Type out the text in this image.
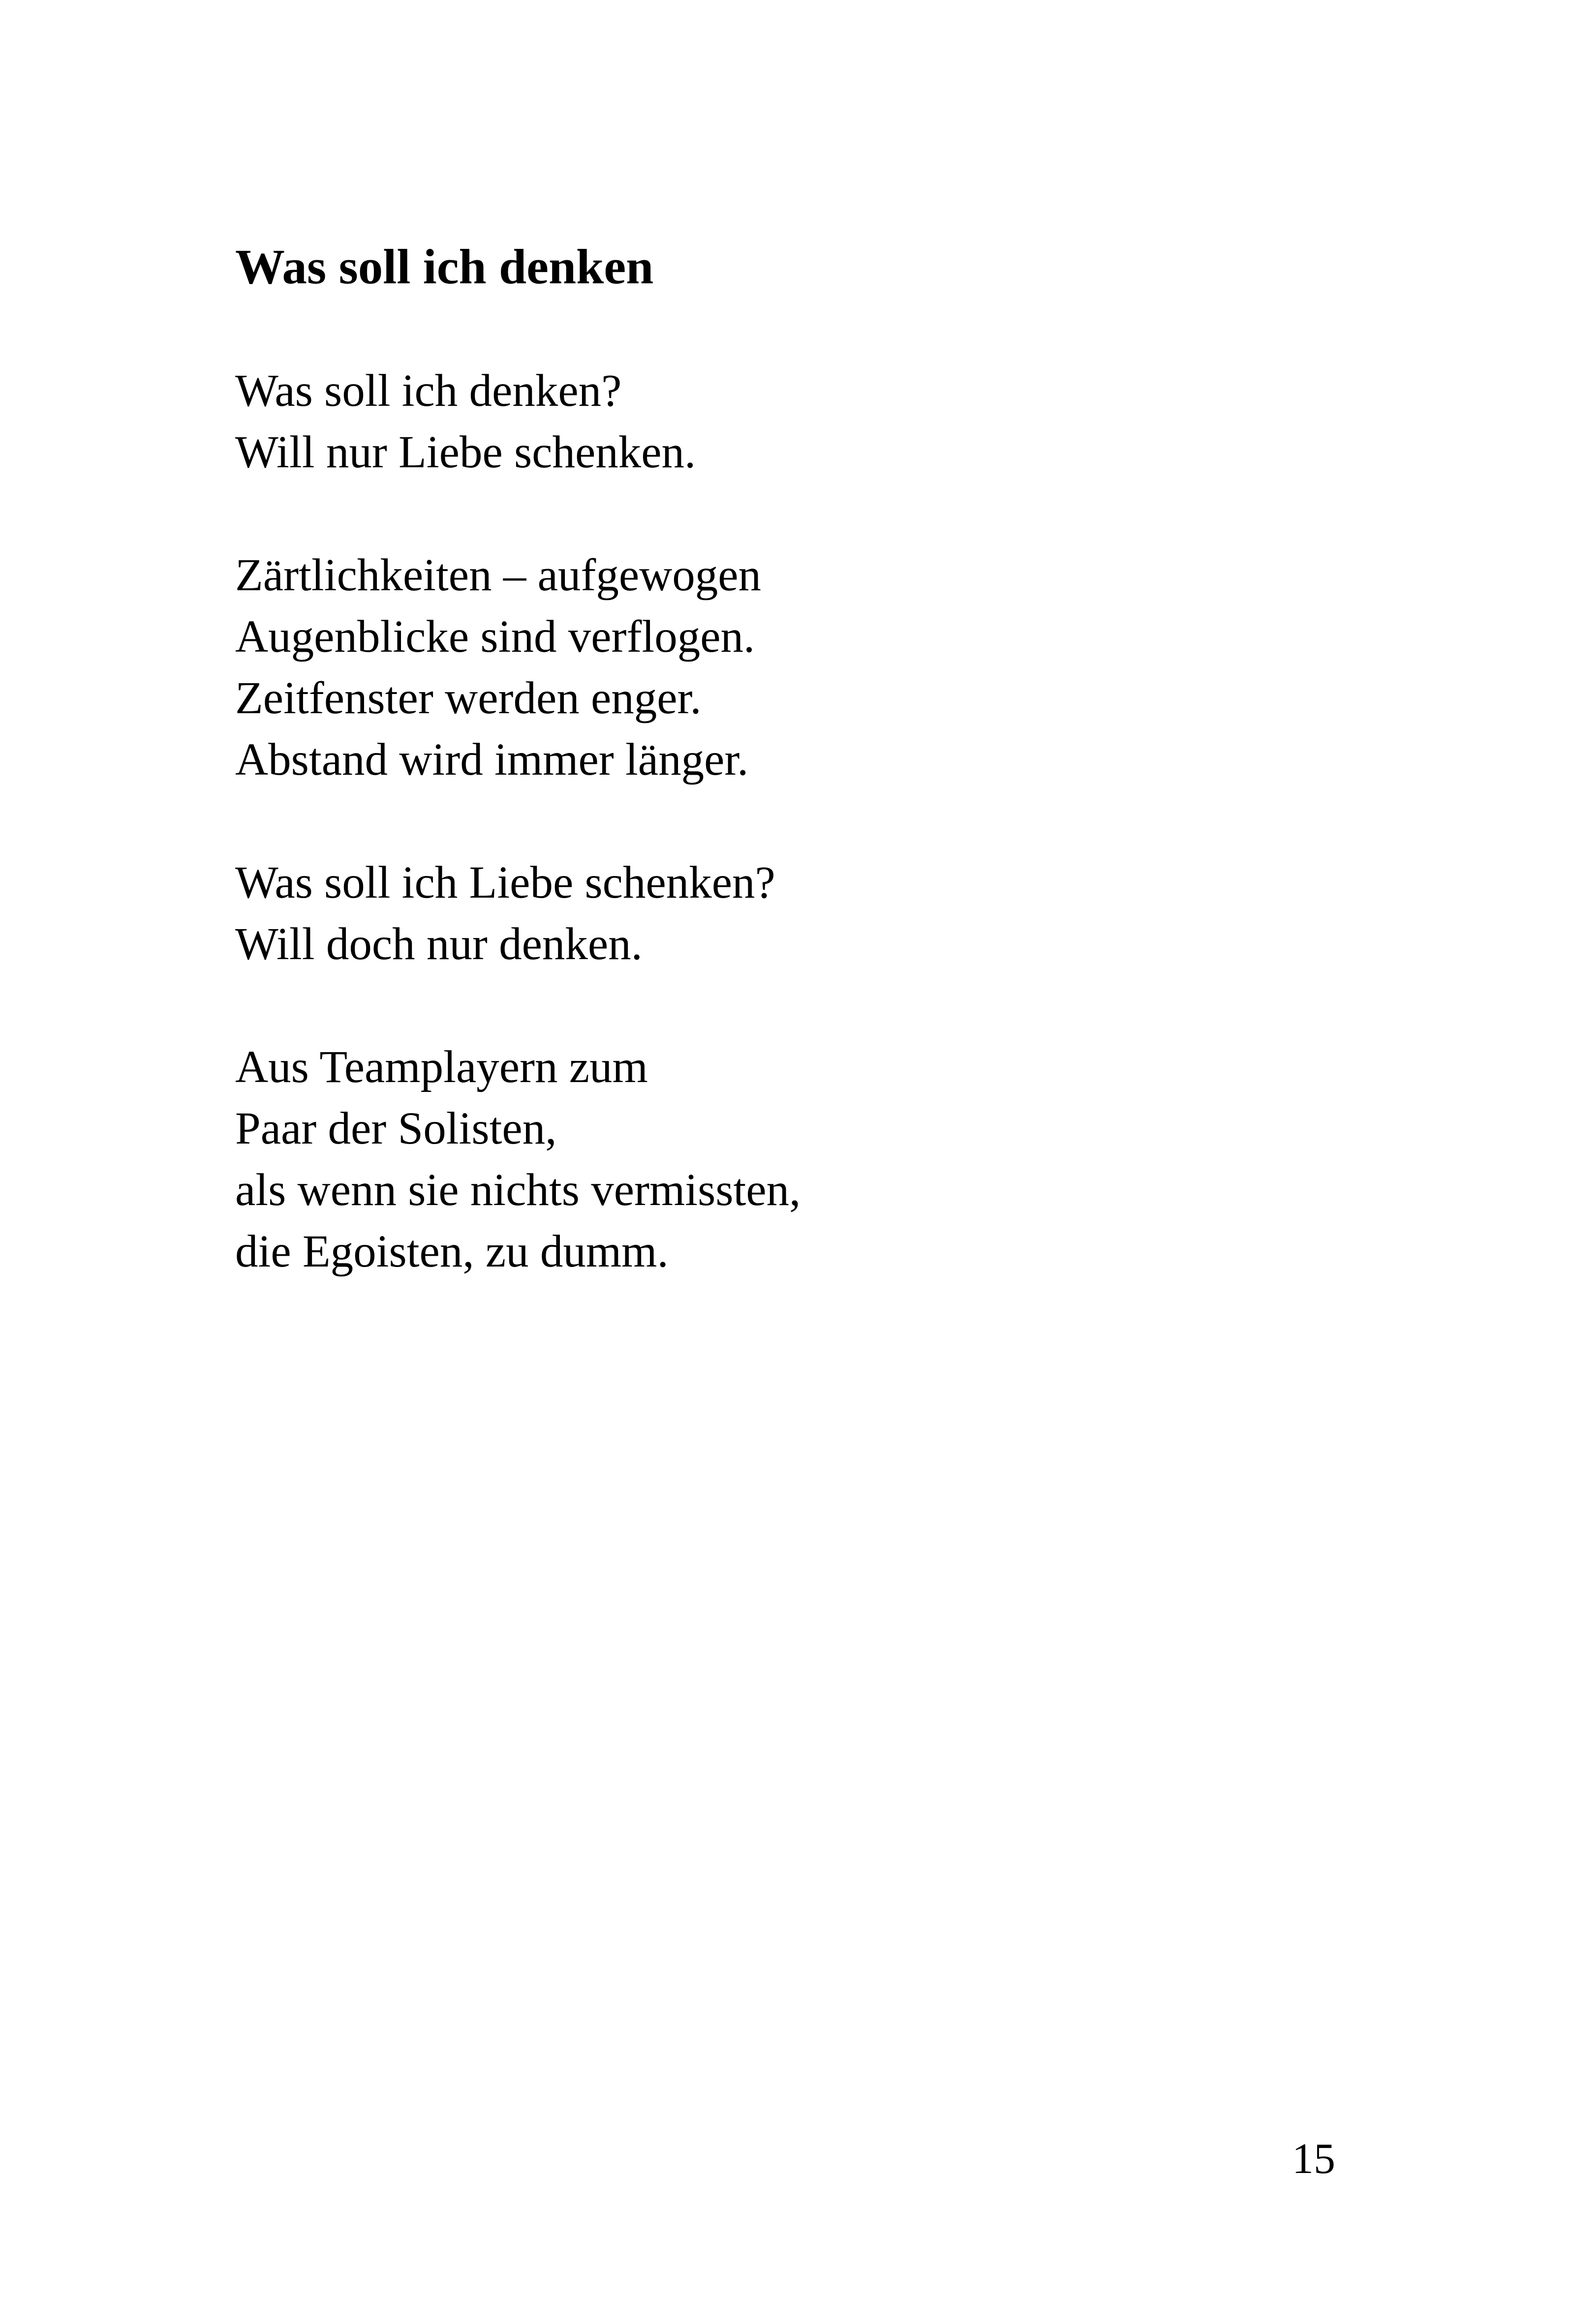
Was soll ich denken
Was soll ich denken?
Will nur Liebe schenken.
Zärtlichkeiten – aufgewogen
Augenblicke sind verflogen.
Zeitfenster werden enger.
Abstand wird immer länger.
Was soll ich Liebe schenken?
Will doch nur denken.
Aus Teamplayern zum
Paar der Solisten,
als wenn sie nichts vermissten,
die Egoisten, zu dumm.
15
